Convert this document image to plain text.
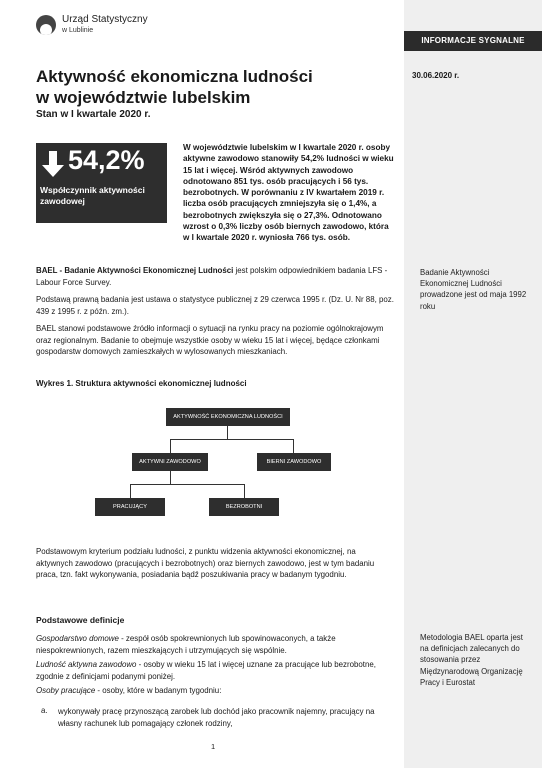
Urząd Statystyczny
w Lublinie
INFORMACJE SYGNALNE
30.06.2020 r.
Aktywność ekonomiczna ludności
w województwie lubelskim
Stan w I kwartale 2020 r.
54,2%
Współczynnik aktywności zawodowej
W województwie lubelskim w I kwartale 2020 r. osoby aktywne zawodowo stanowiły 54,2% ludności w wieku 15 lat i więcej. Wśród aktywnych zawodowo odnotowano 851 tys. osób pracujących i 56 tys. bezrobotnych. W porównaniu z IV kwartałem 2019 r. liczba osób pracujących zmniejszyła się o 1,4%, a bezrobotnych zwiększyła się o 27,3%. Odnotowano wzrost o 0,3% liczby osób biernych zawodowo, która w I kwartale 2020 r. wyniosła 766 tys. osób.

BAEL - Badanie Aktywności Ekonomicznej Ludności jest polskim odpowiednikiem badania LFS - Labour Force Survey.

Podstawą prawną badania jest ustawa o statystyce publicznej z 29 czerwca 1995 r. (Dz. U. Nr 88, poz. 439 z 1995 r. z późn. zm.).

BAEL stanowi podstawowe źródło informacji o sytuacji na rynku pracy na poziomie ogólnokrajowym oraz regionalnym. Badanie to obejmuje wszystkie osoby w wieku 15 lat i więcej, będące członkami gospodarstw domowych zamieszkałych w wylosowanych mieszkaniach.

Badanie Aktywności Ekonomicznej Ludności prowadzone jest od maja 1992 roku
Wykres 1. Struktura aktywności ekonomicznej ludności
AKTYWNOŚĆ EKONOMICZNA LUDNOŚCI
AKTYWNI ZAWODOWO	BIERNI ZAWODOWO
PRACUJĄCY	BEZROBOTNI

Podstawowym kryterium podziału ludności, z punktu widzenia aktywności ekonomicznej, na aktywnych zawodowo (pracujących i bezrobotnych) oraz biernych zawodowo, jest w tym badaniu praca, tzn. fakt wykonywania, posiadania bądź poszukiwania pracy w badanym tygodniu.

Podstawowe definicje

Gospodarstwo domowe - zespół osób spokrewnionych lub spowinowaconych, a także niespokrewnionych, razem mieszkających i utrzymujących się wspólnie.

Ludność aktywna zawodowo - osoby w wieku 15 lat i więcej uznane za pracujące lub bezrobotne, zgodnie z definicjami podanymi poniżej.

Osoby pracujące - osoby, które w badanym tygodniu:

a. wykonywały pracę przynoszącą zarobek lub dochód jako pracownik najemny, pracujący na własny rachunek lub pomagający członek rodziny,

Metodologia BAEL oparta jest na definicjach zalecanych do stosowania przez Międzynarodową Organizację Pracy i Eurostat
1
